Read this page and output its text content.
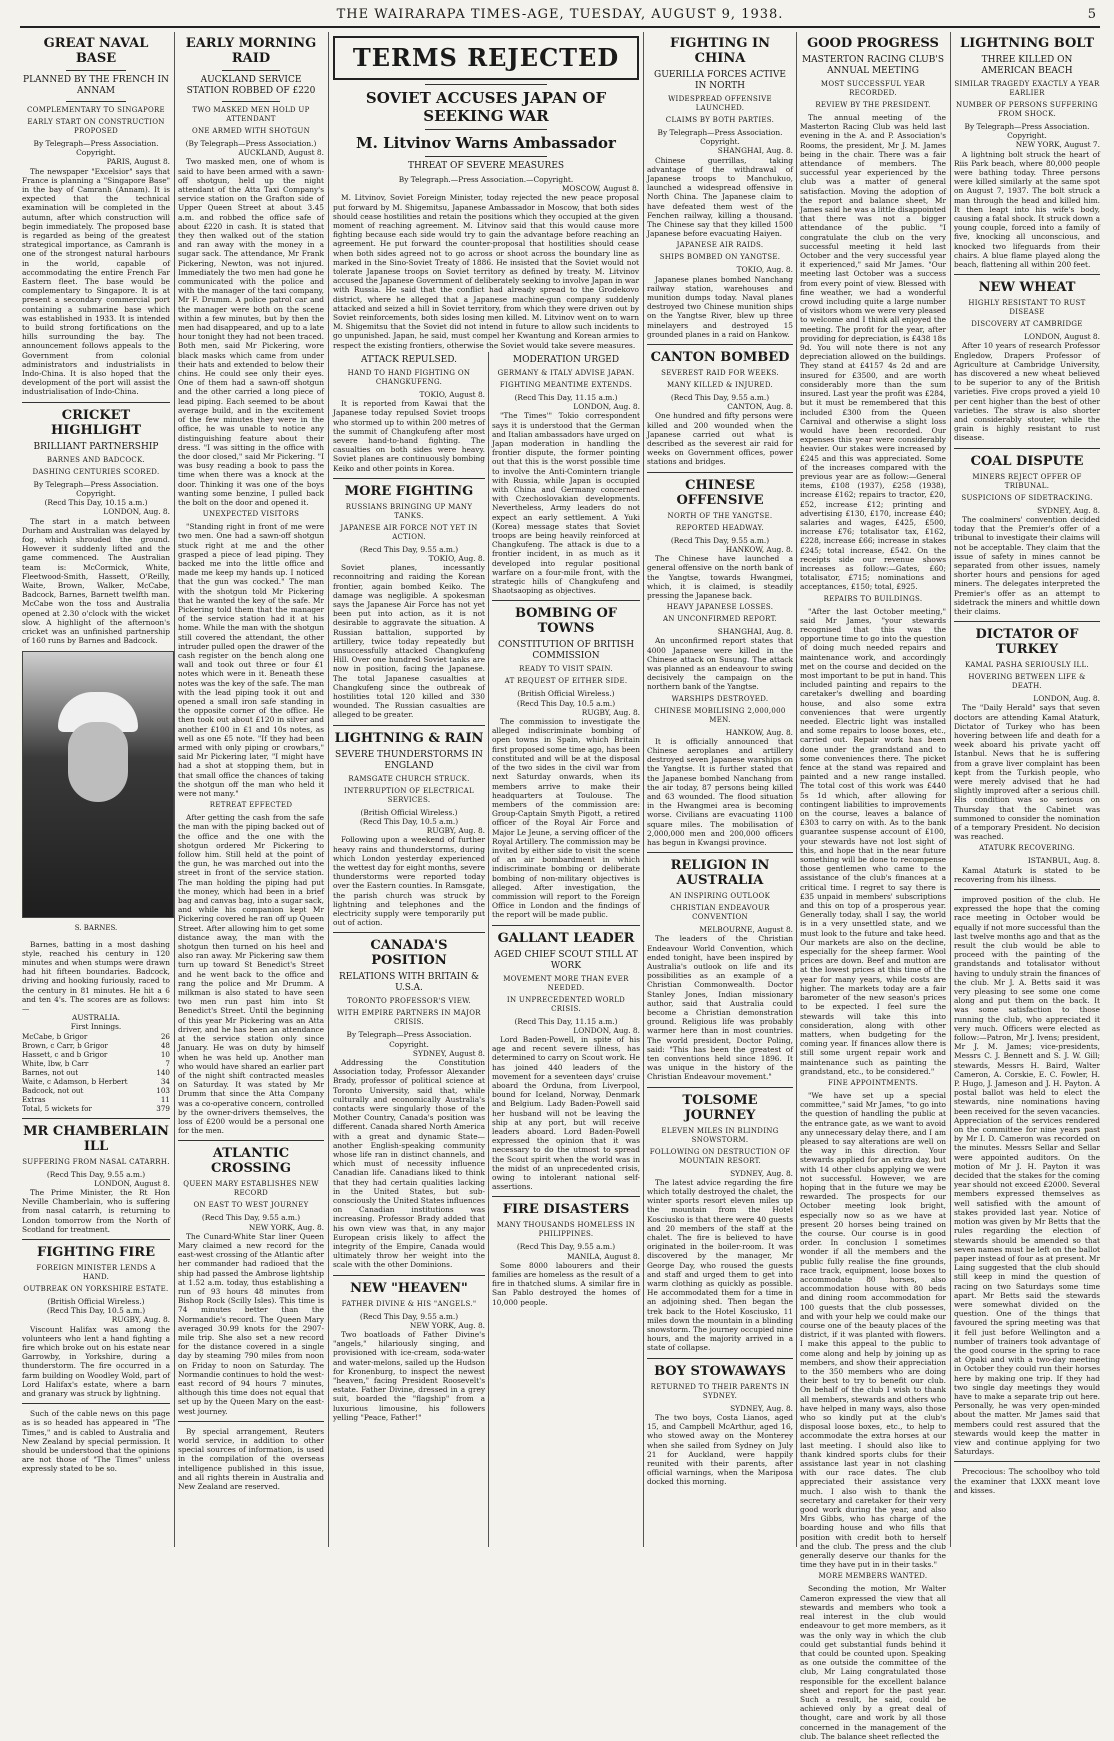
THE WAIRARAPA TIMES-AGE, TUESDAY, AUGUST 9, 1938.	5
GREAT NAVAL BASE
PLANNED BY THE FRENCH IN ANNAM
COMPLEMENTARY TO SINGAPORE
EARLY START ON CONSTRUCTION PROPOSED

By Telegraph—Press Association. Copyright.

PARIS, August 8.

The newspaper "Excelsior" says that France is planning a "Singapore Base" in the bay of Camranh (Annam). It is expected that the technical examination will be completed in the autumn, after which construction will begin immediately. The proposed base is regarded as being of the greatest strategical importance, as Camranh is one of the strongest natural harbours in the world, capable of accommodating the entire French Far Eastern fleet. The base would be complementary to Singapore. It is at present a secondary commercial port containing a submarine base which was established in 1933. It is intended to build strong fortifications on the hills surrounding the bay. The announcement follows appeals to the Government from colonial administrators and industrialists in Indo-China. It is also hoped that the development of the port will assist the industrialisation of Indo-China.

CRICKET HIGHLIGHT
BRILLIANT PARTNERSHIP
BARNES AND BADCOCK.
DASHING CENTURIES SCORED.

By Telegraph—Press Association. Copyright.

(Recd This Day, 10.15 a.m.)

LONDON, Aug. 8.

The start in a match between Durham and Australian was delayed by fog, which shrouded the ground. However it suddenly lifted and the game commenced. The Australian team is: McCormick, White, Fleetwood-Smith, Hassett, O'Reilly, Waite, Brown, Walker, McCabe, Badcock, Barnes, Barnett twelfth man. McCabe won the toss and Australia opened at 2.30 o'clock with the wicket slow. A highlight of the afternoon's cricket was an unfinished partnership of 160 runs by Barnes and Badcock.

S. BARNES.

Barnes, batting in a most dashing style, reached his century in 120 minutes and when stumps were drawn had hit fifteen boundaries. Badcock, driving and hooking furiously, raced to the century in 81 minutes. He hit a 6 and ten 4's. The scores are as follows:—

AUSTRALIA.

First Innings.

McCabe, b Grigor	26
Brown, c Carr, b Grigor	48
Hassett, c and b Grigor	10
White, lbw, b Carr	7
Barnes, not out	140
Waite, c Adamson, b Herbert	34
Badcock, not out	103
Extras	11
Total, 5 wickets for	379
MR CHAMBERLAIN ILL
SUFFERING FROM NASAL CATARRH.

(Recd This Day, 9.55 a.m.)

LONDON, August 8.

The Prime Minister, the Rt Hon Neville Chamberlain, who is suffering from nasal catarrh, is returning to London tomorrow from the North of Scotland for treatment.

FIGHTING FIRE
FOREIGN MINISTER LENDS A HAND.
OUTBREAK ON YORKSHIRE ESTATE.

(British Official Wireless.)

(Recd This Day, 10.5 a.m.)

RUGBY, Aug. 8.

Viscount Halifax was among the volunteers who lent a hand fighting a fire which broke out on his estate near Garrowby, in Yorkshire, during a thunderstorm. The fire occurred in a farm building on Woodley Wold, part of Lord Halifax's estate, where a barn and granary was struck by lightning.

Such of the cable news on this page as is so headed has appeared in "The Times," and is cabled to Australia and New Zealand by special permission. It should be understood that the opinions are not those of "The Times" unless expressly stated to be so.

EARLY MORNING RAID
AUCKLAND SERVICE STATION ROBBED OF £220
TWO MASKED MEN HOLD UP ATTENDANT
ONE ARMED WITH SHOTGUN

(By Telegraph—Press Association.)

AUCKLAND, August 8.

Two masked men, one of whom is said to have been armed with a sawn-off shotgun, held up the night attendant of the Atta Taxi Company's service station on the Grafton side of Upper Queen Street at about 3.45 a.m. and robbed the office safe of about £220 in cash. It is stated that they then walked out of the station and ran away with the money in a sugar sack. The attendance, Mr Frank Pickering, Newton, was not injured. Immediately the two men had gone he communicated with the police and with the manager of the taxi company, Mr F. Drumm. A police patrol car and the manager were both on the scene within a few minutes, but by then the men had disappeared, and up to a late hour tonight they had not been traced. Both men, said Mr Pickering, wore black masks which came from under their hats and extended to below their chins. He could see only their eyes. One of them had a sawn-off shotgun and the other carried a long piece of lead piping. Each seemed to be about average build, and in the excitement of the few minutes they were in the office, he was unable to notice any distinguishing feature about their dress. "I was sitting in the office with the door closed," said Mr Pickering. "I was busy reading a book to pass the time when there was a knock at the door. Thinking it was one of the boys wanting some benzine, I pulled back the bolt on the door and opened it.

UNEXPECTED VISITORS

"Standing right in front of me were two men. One had a sawn-off shotgun stuck right at me and the other grasped a piece of lead piping. They backed me into the little office and made me keep my hands up. I noticed that the gun was cocked." The man with the shotgun told Mr Pickering that he wanted the key of the safe. Mr Pickering told them that the manager of the service station had it at his home. While the man with the shotgun still covered the attendant, the other intruder pulled open the drawer of the cash register on the bench along one wall and took out three or four £1 notes which were in it. Beneath these notes was the key of the safe. The man with the lead piping took it out and opened a small iron safe standing in the opposite corner of the office. He then took out about £120 in silver and another £100 in £1 and 10s notes, as well as one £5 note. "If they had been armed with only piping or crowbars," said Mr Pickering later, "I might have had a shot at stopping them, but in that small office the chances of taking the shotgun off the man who held it were not many."

RETREAT EFFECTED

After getting the cash from the safe the man with the piping backed out of the office and the one with the shotgun ordered Mr Pickering to follow him. Still held at the point of the gun, he was marched out into the street in front of the service station. The man holding the piping had put the money, which had been in a brief bag and canvas bag, into a sugar sack, and while his companion kept Mr Pickering covered he ran off up Queen Street. After allowing him to get some distance away, the man with the shotgun then turned on his heel and also ran away. Mr Pickering saw them turn up toward St Benedict's Street and he went back to the office and rang the police and Mr Drumm. A milkman is also stated to have seen two men run past him into St Benedict's Street. Until the beginning of this year Mr Pickering was an Atta driver, and he has been an attendance at the service station only since January. He was on duty by himself when he was held up. Another man who would have shared an earlier part of the night shift contracted measles on Saturday. It was stated by Mr Drumm that since the Atta Company was a co-operative concern, controlled by the owner-drivers themselves, the loss of £200 would be a personal one for the men.

ATLANTIC CROSSING
QUEEN MARY ESTABLISHES NEW RECORD
ON EAST TO WEST JOURNEY

(Recd This Day, 9.55 a.m.)

NEW YORK, Aug. 8.

The Cunard-White Star liner Queen Mary claimed a new record for the east-west crossing of the Atlantic after her commander had radioed that the ship had passed the Ambrose lightship at 1.52 a.m. today, thus establishing a run of 93 hours 48 minutes from Bishop Rock (Scilly Isles). This time is 74 minutes better than the Normandie's record. The Queen Mary averaged 30.99 knots for the 2907-mile trip. She also set a new record for the distance covered in a single day by steaming 790 miles from noon on Friday to noon on Saturday. The Normandie continues to hold the west-east record of 94 hours 7 minutes, although this time does not equal that set up by the Queen Mary on the east-west journey.

By special arrangement, Reuters world service, in addition to other special sources of information, is used in the compilation of the overseas intelligence published in this issue, and all rights therein in Australia and New Zealand are reserved.

TERMS REJECTED
SOVIET ACCUSES JAPAN OF SEEKING WAR
M. Litvinov Warns Ambassador
THREAT OF SEVERE MEASURES

By Telegraph.—Press Association.—Copyright.

MOSCOW, August 8.

M. Litvinov, Soviet Foreign Minister, today rejected the new peace proposal put forward by M. Shigemitsu, Japanese Ambassador in Moscow, that both sides should cease hostilities and retain the positions which they occupied at the given moment of reaching agreement. M. Litvinov said that this would cause more fighting because each side would try to gain the advantage before reaching an agreement. He put forward the counter-proposal that hostilities should cease when both sides agreed not to go across or shoot across the boundary line as marked in the Sino-Soviet Treaty of 1886. He insisted that the Soviet would not tolerate Japanese troops on Soviet territory as defined by treaty. M. Litvinov accused the Japanese Government of deliberately seeking to involve Japan in war with Russia. He said that the conflict had already spread to the Grodekovo district, where he alleged that a Japanese machine-gun company suddenly attacked and seized a hill in Soviet territory, from which they were driven out by Soviet reinforcements, both sides losing men killed. M. Litvinov went on to warn M. Shigemitsu that the Soviet did not intend in future to allow such incidents to go unpunished. Japan, he said, must compel her Kwantung and Korean armies to respect the existing frontiers, otherwise the Soviet would take severe measures.

ATTACK REPULSED.
HAND TO HAND FIGHTING ON CHANGKUFENG.

TOKIO, August 8.

It is reported from Kawai that the Japanese today repulsed Soviet troops who stormed up to within 200 metres of the summit of Changkufeng after most severe hand-to-hand fighting. The casualties on both sides were heavy. Soviet planes are continuously bombing Keiko and other points in Korea.

MORE FIGHTING
RUSSIANS BRINGING UP MANY TANKS.
JAPANESE AIR FORCE NOT YET IN ACTION.

(Recd This Day, 9.55 a.m.)

TOKIO, Aug. 8.

Soviet planes, incessantly reconnoitring and raiding the Korean frontier, again bombed Keiko. The damage was negligible. A spokesman says the Japanese Air Force has not yet been put into action, as it is not desirable to aggravate the situation. A Russian battalion, supported by artillery, twice today repeatedly but unsuccessfully attacked Changkufeng Hill. Over one hundred Soviet tanks are now in position, facing the Japanese. The total Japanese casualties at Changkufeng since the outbreak of hostilities total 120 killed and 330 wounded. The Russian casualties are alleged to be greater.

LIGHTNING & RAIN
SEVERE THUNDERSTORMS IN ENGLAND
RAMSGATE CHURCH STRUCK.
INTERRUPTION OF ELECTRICAL SERVICES.

(British Official Wireless.)

(Recd This Day, 10.5 a.m.)

RUGBY, Aug. 8.

Following upon a weekend of further heavy rains and thunderstorms, during which London yesterday experienced the wettest day for eight months, severe thunderstorms were reported today over the Eastern counties. In Ramsgate, the parish church was struck by lightning and telephones and the electricity supply were temporarily put out of action.

CANADA'S POSITION
RELATIONS WITH BRITAIN & U.S.A.
TORONTO PROFESSOR'S VIEW.
WITH EMPIRE PARTNERS IN MAJOR CRISIS.

By Telegraph—Press Association. Copyright.

SYDNEY, August 8.

Addressing the Constitution Association today, Professor Alexander Brady, professor of political science at Toronto University, said that, while culturally and economically Australia's contacts were singularly those of the Mother Country, Canada's position was different. Canada shared North America with a great and dynamic State—another English-speaking community whose life ran in distinct channels, and which must of necessity influence Canadian life. Canadians liked to think that they had certain qualities lacking in the United States, but sub-consciously the United States influences on Canadian institutions was increasing. Professor Brady added that his own view was that, in any major European crisis likely to affect the integrity of the Empire, Canada would ultimately throw her weight into the scale with the other Dominions.

NEW "HEAVEN"
FATHER DIVINE & HIS "ANGELS."

(Recd This Day, 9.55 a.m.)

NEW YORK, Aug. 8.

Two boatloads of Father Divine's "angels," hilariously singing, and provisioned with ice-cream, soda-water and water-melons, sailed up the Hudson for Kronenburg, to inspect the newest "heaven," facing President Roosevelt's estate. Father Divine, dressed in a grey suit, boarded the "flagship" from a luxurious limousine, his followers yelling "Peace, Father!"

MODERATION URGED
GERMANY & ITALY ADVISE JAPAN.
FIGHTING MEANTIME EXTENDS.

(Recd This Day, 11.15 a.m.)

LONDON, Aug. 8.

"The Times'" Tokio correspondent says it is understood that the German and Italian ambassadors have urged on Japan moderation in handling the frontier dispute, the former pointing out that this is the worst possible time to involve the Anti-Comintern triangle with Russia, while Japan is occupied with China and Germany concerned with Czechoslovakian developments. Nevertheless, Army leaders do not expect an early settlement. A Yuki (Korea) message states that Soviet troops are being heavily reinforced at Changkufeng. The attack is due to a frontier incident, in as much as it developed into regular positional warfare on a four-mile front, with the strategic hills of Changkufeng and Shaotsaoping as objectives.

BOMBING OF TOWNS
CONSTITUTION OF BRITISH COMMISSION
READY TO VISIT SPAIN.
AT REQUEST OF EITHER SIDE.

(British Official Wireless.)

(Recd This Day, 10.5 a.m.)

RUGBY, Aug. 8.

The commission to investigate the alleged indiscriminate bombing of open towns in Spain, which Britain first proposed some time ago, has been constituted and will be at the disposal of the two sides in the civil war from next Saturday onwards, when its members arrive to make their headquarters at Toulouse. The members of the commission are: Group-Captain Smyth Pigott, a retired officer of the Royal Air Force and Major Le Jeune, a serving officer of the Royal Artillery. The commission may be invited by either side to visit the scene of an air bombardment in which indiscriminate bombing or deliberate bombing of non-military objectives is alleged. After investigation, the commission will report to the Foreign Office in London and the findings of the report will be made public.

GALLANT LEADER
AGED CHIEF SCOUT STILL AT WORK
MOVEMENT MORE THAN EVER NEEDED.
IN UNPRECEDENTED WORLD CRISIS.

(Recd This Day, 11.15 a.m.)

LONDON, Aug. 8.

Lord Baden-Powell, in spite of his age and recent severe illness, has determined to carry on Scout work. He has joined 440 leaders of the movement for a seventeen days' cruise aboard the Orduna, from Liverpool, bound for Iceland, Norway, Denmark and Belgium. Lady Baden-Powell said her husband will not be leaving the ship at any port, but will receive leaders aboard. Lord Baden-Powell expressed the opinion that it was necessary to do the utmost to spread the Scout spirit when the world was in the midst of an unprecedented crisis, owing to intolerant national self-assertions.

FIRE DISASTERS
MANY THOUSANDS HOMELESS IN PHILIPPINES.

(Recd This Day, 9.55 a.m.)

MANILA, August 8.

Some 8000 labourers and their families are homeless as the result of a fire in thatched slums. A similar fire in San Pablo destroyed the homes of 10,000 people.

FIGHTING IN CHINA
GUERILLA FORCES ACTIVE IN NORTH
WIDESPREAD OFFENSIVE LAUNCHED.
CLAIMS BY BOTH PARTIES.

By Telegraph—Press Association. Copyright.

SHANGHAI, Aug. 8.

Chinese guerrillas, taking advantage of the withdrawal of Japanese troops to Manchukuo, launched a widespread offensive in North China. The Japanese claim to have defeated them west of the Fenchen railway, killing a thousand. The Chinese say that they killed 1500 Japanese before evacuating Haiyen.

JAPANESE AIR RAIDS.
SHIPS BOMBED ON YANGTSE.

TOKIO, Aug. 8.

Japanese planes bombed Nanchang railway station, warehouses and munition dumps today. Naval planes destroyed two Chinese munition ships on the Yangtse River, blew up three minelayers and destroyed 15 grounded planes in a raid on Hankow.

CANTON BOMBED
SEVEREST RAID FOR WEEKS.
MANY KILLED & INJURED.

(Recd This Day, 9.55 a.m.)

CANTON, Aug. 8.

One hundred and fifty persons were killed and 200 wounded when the Japanese carried out what is described as the severest air raid for weeks on Government offices, power stations and bridges.

CHINESE OFFENSIVE
NORTH OF THE YANGTSE.
REPORTED HEADWAY.

(Recd This Day, 9.55 a.m.)

HANKOW, Aug. 8.

The Chinese have launched a general offensive on the north bank of the Yangtse, towards Hwangmei, which, it is claimed, is steadily pressing the Japanese back.

HEAVY JAPANESE LOSSES.
AN UNCONFIRMED REPORT.

SHANGHAI, Aug. 8.

An unconfirmed report states that 4000 Japanese were killed in the Chinese attack on Susung. The attack was planned as an endeavour to swing decisively the campaign on the northern bank of the Yangtse.

WARSHIPS DESTROYED.
CHINESE MOBILISING 2,000,000 MEN.

HANKOW, Aug. 8.

It is officially announced that Chinese aeroplanes and artillery destroyed seven Japanese warships on the Yangtse. It is further stated that the Japanese bombed Nanchang from the air today, 87 persons being killed and 63 wounded. The flood situation in the Hwangmei area is becoming worse. Civilians are evacuating 1100 square miles. The mobilisation of 2,000,000 men and 200,000 officers has begun in Kwangsi province.

RELIGION IN AUSTRALIA
AN INSPIRING OUTLOOK
CHRISTIAN ENDEAVOUR CONVENTION

MELBOURNE, August 8.

The leaders of the Christian Endeavour World Convention, which ended tonight, have been inspired by Australia's outlook on life and its possibilities as an example of a Christian Commonwealth. Doctor Stanley Jones, Indian missionary author, said that Australia could become a Christian demonstration ground. Religious life was probably warmer here than in most countries. The world president, Doctor Poling, said: "This has been the greatest of ten conventions held since 1896. It was unique in the history of the Christian Endeavour movement."

TOLSOME JOURNEY
ELEVEN MILES IN BLINDING SNOWSTORM.
FOLLOWING ON DESTRUCTION OF MOUNTAIN RESORT.

SYDNEY, Aug. 8.

The latest advice regarding the fire which totally destroyed the chalet, the winter sports resort eleven miles up the mountain from the Hotel Kosciusko is that there were 40 guests and 20 members of the staff at the chalet. The fire is believed to have originated in the boiler-room. It was discovered by the manager, Mr George Day, who roused the guests and staff and urged them to get into warm clothing as quickly as possible. He accommodated them for a time in an adjoining shed. Then began the trek back to the Hotel Kosciusko, 11 miles down the mountain in a blinding snowstorm. The journey occupied nine hours, and the majority arrived in a state of collapse.

BOY STOWAWAYS
RETURNED TO THEIR PARENTS IN SYDNEY.

SYDNEY, Aug. 8.

The two boys, Costa Lianos, aged 15, and Campbell McArthur, aged 16, who stowed away on the Monterey when she sailed from Sydney on July 21 for Auckland, were happily reunited with their parents, after official warnings, when the Mariposa docked this morning.

GOOD PROGRESS
MASTERTON RACING CLUB'S ANNUAL MEETING
MOST SUCCESSFUL YEAR RECORDED.
REVIEW BY THE PRESIDENT.

The annual meeting of the Masterton Racing Club was held last evening in the A. and P. Association's Rooms, the president, Mr J. M. James being in the chair. There was a fair attendance of members. The successful year experienced by the club was a matter of general satisfaction. Moving the adoption of the report and balance sheet, Mr James said he was a little disappointed that there was not a bigger attendance of the public. "I congratulate the club on the very successful meeting it held last October and the very successful year it experienced," said Mr James. "Our meeting last October was a success from every point of view. Blessed with fine weather, we had a wonderful crowd including quite a large number of visitors whom we were very pleased to welcome and I think all enjoyed the meeting. The profit for the year, after providing for depreciation, is £438 18s 9d. You will note there is not any depreciation allowed on the buildings. They stand at £4157 4s 2d and are insured for £3500, and are worth considerably more than the sum insured. Last year the profit was £284, but it must be remembered that this included £300 from the Queen Carnival and otherwise a slight loss would have been recorded. Our expenses this year were considerably heavier. Our stakes were increased by £245 and this was appreciated. Some of the increases compared with the previous year are as follow:—General items, £108 (1937), £258 (1938), increase £162; repairs to tractor, £20, £52, increase £12; printing and advertising £130, £170, increase £40; salaries and wages, £425, £500, increase £76; totalisator tax, £162, £228, increase £66; increase in stakes £245; total increase, £542. On the receipts side our revenue shows increases as follow:—Gates, £60; totalisator, £715; nominations and acceptances, £150; total, £925.

REPAIRS TO BUILDINGS.

"After the last October meeting," said Mr James, "your stewards recognised that this was the opportune time to go into the question of doing much needed repairs and maintenance work, and accordingly met on the course and decided on the most important to be put in hand. This included painting and repairs to the caretaker's dwelling and boarding house, and also some extra conveniences that were urgently needed. Electric light was installed and some repairs to loose boxes, etc., carried out. Repair work has been done under the grandstand and to some conveniences there. The picket fence at the stand was repaired and painted and a new range installed. The total cost of this work was £440 5s 1d which, after allowing for contingent liabilities to improvements on the course, leaves a balance of £303 to carry on with. As to the bank guarantee suspense account of £100, your stewards have not lost sight of this, and hope that in the near future something will be done to recompense those gentlemen who came to the assistance of the club's finances at a critical time. I regret to say there is £35 unpaid in members' subscriptions and this on top of a prosperous year. Generally today, shall I say, the world is in a very unsettled state, and we must look to the future and take heed. Our markets are also on the decline, especially for the sheep farmer. Wool prices are down. Beef and mutton are at the lowest prices at this time of the year for many years, while costs are higher. The markets today are a fair barometer of the new season's prices to be expected. I feel sure the stewards will take this into consideration, along with other matters, when budgeting for the coming year. If finances allow there is still some urgent repair work and maintenance such as painting the grandstand, etc., to be considered."

FINE APPOINTMENTS.

"We have set up a special committee," said Mr James, "to go into the question of handling the public at the entrance gate, as we want to avoid any unnecessary delay there, and I am pleased to say alterations are well on the way in this direction. Your stewards applied for an extra day, but with 14 other clubs applying we were not successful. However, we are hoping that in the future we may be rewarded. The prospects for our October meeting look bright, especially now so as we have at present 20 horses being trained on the course. Our course is in good order. In conclusion I sometimes wonder if all the members and the public fully realise the fine grounds, race track, equipment, loose boxes to accommodate 80 horses, also accommodation house with 80 beds and dining room accommodation for 100 guests that the club possesses, and with your help we could make our course one of the beauty places of the district, if it was planted with flowers. I make this appeal to the public to come along and help by joining up as members, and show their appreciation to the 350 members who are doing their best to try to benefit our club. On behalf of the club I wish to thank all members, stewards and others who have helped in many ways, also those who so kindly put at the club's disposal loose boxes, etc., to help to accommodate the extra horses at our last meeting. I should also like to thank kindred sports clubs for their assistance last year in not clashing with our race dates. The club appreciated their assistance very much. I also wish to thank the secretary and caretaker for their very good work during the year, and also Mrs Gibbs, who has charge of the boarding house and who fills that position with credit both to herself and the club. The press and the club generally deserve our thanks for the time they have put in in their tasks."

MORE MEMBERS WANTED.

Seconding the motion, Mr Walter Cameron expressed the view that all stewards and members who took a real interest in the club would endeavour to get more members, as it was the only way in which the club could get substantial funds behind it that could be counted upon. Speaking as one outside the committee of the club, Mr Laing congratulated those responsible for the excellent balance sheet and report for the past year. Such a result, he said, could be achieved only by a great deal of thought, care and work by all those concerned in the management of the club. The balance sheet reflected the

LIGHTNING BOLT
THREE KILLED ON AMERICAN BEACH
SIMILAR TRAGEDY EXACTLY A YEAR EARLIER
NUMBER OF PERSONS SUFFERING FROM SHOCK.

By Telegraph—Press Association. Copyright.

NEW YORK, August 7.

A lightning bolt struck the heart of Riis Park beach, where 80,000 people were bathing today. Three persons were killed similarly at the same spot on August 7, 1937. The bolt struck a man through the head and killed him. It then leapt into his wife's body, causing a fatal shock. It struck down a young couple, forced into a family of five, knocking all unconscious, and knocked two lifeguards from their chairs. A blue flame played along the beach, flattening all within 200 feet.

NEW WHEAT
HIGHLY RESISTANT TO RUST DISEASE
DISCOVERY AT CAMBRIDGE

LONDON, August 8.

After 10 years of research Professor Engledow, Drapers Professor of Agriculture at Cambridge University, has discovered a new wheat believed to be superior to any of the British varieties. Five crops proved a yield 10 per cent higher than the best of other varieties. The straw is also shorter and considerably stouter, while the grain is highly resistant to rust disease.

COAL DISPUTE
MINERS REJECT OFFER OF TRIBUNAL.
SUSPICIONS OF SIDETRACKING.

SYDNEY, Aug. 8.

The coalminers' convention decided today that the Premier's offer of a tribunal to investigate their claims will not be acceptable. They claim that the issue of safety in mines cannot be separated from other issues, namely shorter hours and pensions for aged miners. The delegates interpreted the Premier's offer as an attempt to sidetrack the miners and whittle down their claims.

DICTATOR OF TURKEY
KAMAL PASHA SERIOUSLY ILL.
HOVERING BETWEEN LIFE & DEATH.

LONDON, Aug. 8.

The "Daily Herald" says that seven doctors are attending Kamal Ataturk, Dictator of Turkey who has been hovering between life and death for a week aboard his private yacht off Istanbul. News that he is suffering from a grave liver complaint has been kept from the Turkish people, who were merely advised that he had slightly improved after a serious chill. His condition was so serious on Thursday that the Cabinet was summoned to consider the nomination of a temporary President. No decision was reached.

ATATURK RECOVERING.

ISTANBUL, Aug. 8.

Kamal Ataturk is stated to be recovering from his illness.

improved position of the club. He expressed the hope that the coming race meeting in October would be equally if not more successful than the last twelve months ago and that as the result the club would be able to proceed with the painting of the grandstands and totalisator without having to unduly strain the finances of the club. Mr J. A. Betts said it was very pleasing to see some one come along and put them on the back. It was some satisfaction to those running the club, who appreciated it very much. Officers were elected as follow:—Patron, Mr J. Ivens; president, Mr J. M. James; vice-presidents, Messrs C. J. Bennett and S. J. W. Gill; stewards, Messrs H. Baird, Walter Cameron, A. Corskie, E. C. Fowler, H. P. Hugo, J. Jameson and J. H. Payton. A postal ballot was held to elect the stewards, nine nominations having been received for the seven vacancies. Appreciation of the services rendered on the committee for nine years past by Mr I. D. Cameron was recorded on the minutes. Messrs Sellar and Sellar were appointed auditors. On the motion of Mr J. H. Payton it was decided that the stakes for the coming year should not exceed £2000. Several members expressed themselves as well satisfied with the amount of stakes provided last year. Notice of motion was given by Mr Betts that the rules regarding the election of stewards should be amended so that seven names must be left on the ballot paper instead of four as at present. Mr Laing suggested that the club should still keep in mind the question of racing on two Saturdays some time apart. Mr Betts said the stewards were somewhat divided on the question. One of the things that favoured the spring meeting was that it fell just before Wellington and a number of trainers took advantage of the good course in the spring to race at Opaki and with a two-day meeting in October they could run their horses here by making one trip. If they had two single day meetings they would have to make a separate trip out here. Personally, he was very open-minded about the matter. Mr James said that members could rest assured that the stewards would keep the matter in view and continue applying for two Saturdays.

Precocious: The schoolboy who told the examiner that LXXX meant love and kisses.
